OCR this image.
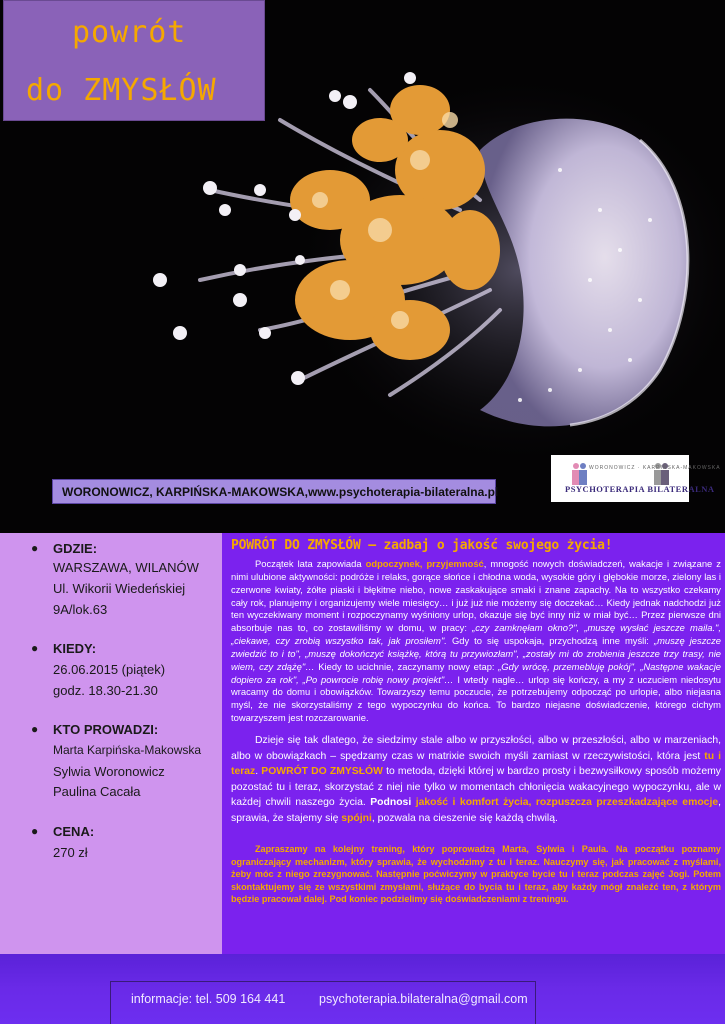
powrót
do ZMYSŁÓW
WORONOWICZ, KARPIŃSKA-MAKOWSKA,www.psychoterapia-bilateralna.pl
WORONOWICZ · KARPIŃSKA-MAKOWSKA
PSYCHOTERAPIA BILATERALNA
● GDZIE:
WARSZAWA, WILANÓW
Ul. Wikorii Wiedeńskiej
9A/lok.63
● KIEDY:
26.06.2015 (piątek)
godz. 18.30-21.30
● KTO PROWADZI:
Marta Karpińska-Makowska
Sylwia Woronowicz
Paulina Cacała
● CENA:
270 zł
POWRÓT DO ZMYSŁÓW – zadbaj o jakość swojego życia!

Początek lata zapowiada odpoczynek, przyjemność, mnogość nowych doświadczeń, wakacje i związane z nimi ulubione aktywności: podróże i relaks, gorące słońce i chłodna woda, wysokie góry i głębokie morze, zielony las i czerwone kwiaty, żółte piaski i błękitne niebo, nowe zaskakujące smaki i znane zapachy. Na to wszystko czekamy cały rok, planujemy i organizujemy wiele miesięcy… i już już nie możemy się doczekać… Kiedy jednak nadchodzi już ten wyczekiwany moment i rozpoczynamy wyśniony urlop, okazuje się być inny niż w miał być… Przez pierwsze dni absorbuje nas to, co zostawiliśmy w domu, w pracy: „czy zamknęłam okno?", „muszę wysłać jeszcze maila.", „ciekawe, czy zrobią wszystko tak, jak prosiłem". Gdy to się uspokaja, przychodzą inne myśli: „muszę jeszcze zwiedzić to i to", „muszę dokończyć książkę, którą tu przywiozłam", „zostały mi do zrobienia jeszcze trzy trasy, nie wiem, czy zdążę"… Kiedy to ucichnie, zaczynamy nowy etap: „Gdy wrócę, przemebluję pokój", „Następne wakacje dopiero za rok", „Po powrocie robię nowy projekt"… I wtedy nagle… urlop się kończy, a my z uczuciem niedosytu wracamy do domu i obowiązków. Towarzyszy temu poczucie, że potrzebujemy odpocząć po urlopie, albo niejasna myśl, że nie skorzystaliśmy z tego wypoczynku do końca. To bardzo niejasne doświadczenie, którego cichym towarzyszem jest rozczarowanie.

Dzieje się tak dlatego, że siedzimy stale albo w przyszłości, albo w przeszłości, albo w marzeniach, albo w obowiązkach – spędzamy czas w matrixie swoich myśli zamiast w rzeczywistości, która jest tu i teraz. POWRÓT DO ZMYSŁÓW to metoda, dzięki której w bardzo prosty i bezwysiłkowy sposób możemy pozostać tu i teraz, skorzystać z niej nie tylko w momentach chłonięcia wakacyjnego wypoczynku, ale w każdej chwili naszego życia. Podnosi jakość i komfort życia, rozpuszcza przeszkadzające emocje, sprawia, że stajemy się spójni, pozwala na cieszenie się każdą chwilą.

Zapraszamy na kolejny trening, który poprowadzą Marta, Sylwia i Paula. Na początku poznamy ograniczający mechanizm, który sprawia, że wychodzimy z tu i teraz. Nauczymy się, jak pracować z myślami, żeby móc z niego zrezygnować. Następnie poćwiczymy w praktyce bycie tu i teraz podczas zajęć Jogi. Potem skontaktujemy się ze wszystkimi zmysłami, służące do bycia tu i teraz, aby każdy mógł znaleźć ten, z którym będzie pracował dalej. Pod koniec podzielimy się doświadczeniami z treningu.

informacje: tel. 509 164 441	psychoterapia.bilateralna@gmail.com
